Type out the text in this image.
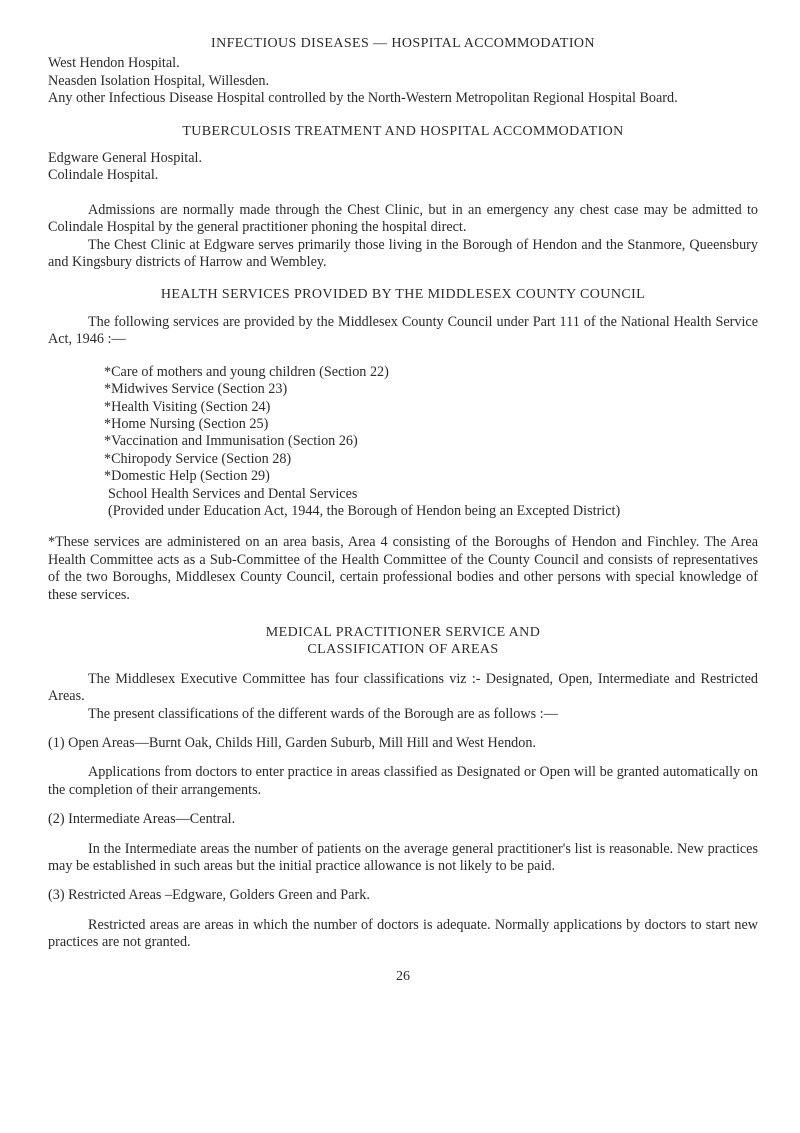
INFECTIOUS DISEASES — HOSPITAL ACCOMMODATION

West Hendon Hospital.

Neasden Isolation Hospital, Willesden.

Any other Infectious Disease Hospital controlled by the North-Western Metropolitan Regional Hospital Board.

TUBERCULOSIS TREATMENT AND HOSPITAL ACCOMMODATION

Edgware General Hospital.

Colindale Hospital.

Admissions are normally made through the Chest Clinic, but in an emergency any chest case may be admitted to Colindale Hospital by the general practitioner phoning the hospital direct.

The Chest Clinic at Edgware serves primarily those living in the Borough of Hendon and the Stanmore, Queensbury and Kingsbury districts of Harrow and Wembley.

HEALTH SERVICES PROVIDED BY THE MIDDLESEX COUNTY COUNCIL

The following services are provided by the Middlesex County Council under Part 111 of the National Health Service Act, 1946 :—

*Care of mothers and young children (Section 22)
*Midwives Service (Section 23)
*Health Visiting (Section 24)
*Home Nursing (Section 25)
*Vaccination and Immunisation (Section 26)
*Chiropody Service (Section 28)
*Domestic Help (Section 29)
School Health Services and Dental Services
(Provided under Education Act, 1944, the Borough of Hendon being an Excepted District)

*These services are administered on an area basis, Area 4 consisting of the Boroughs of Hendon and Finchley. The Area Health Committee acts as a Sub-Committee of the Health Committee of the County Council and consists of representatives of the two Boroughs, Middlesex County Council, certain professional bodies and other persons with special knowledge of these services.

MEDICAL PRACTITIONER SERVICE AND

CLASSIFICATION OF AREAS

The Middlesex Executive Committee has four classifications viz :- Designated, Open, Intermediate and Restricted Areas.

The present classifications of the different wards of the Borough are as follows :—

(1) Open Areas—Burnt Oak, Childs Hill, Garden Suburb, Mill Hill and West Hendon.

Applications from doctors to enter practice in areas classified as Designated or Open will be granted automatically on the completion of their arrangements.

(2) Intermediate Areas—Central.

In the Intermediate areas the number of patients on the average general practitioner's list is reasonable. New practices may be established in such areas but the initial practice allowance is not likely to be paid.

(3) Restricted Areas –Edgware, Golders Green and Park.

Restricted areas are areas in which the number of doctors is adequate. Normally applications by doctors to start new practices are not granted.

26
